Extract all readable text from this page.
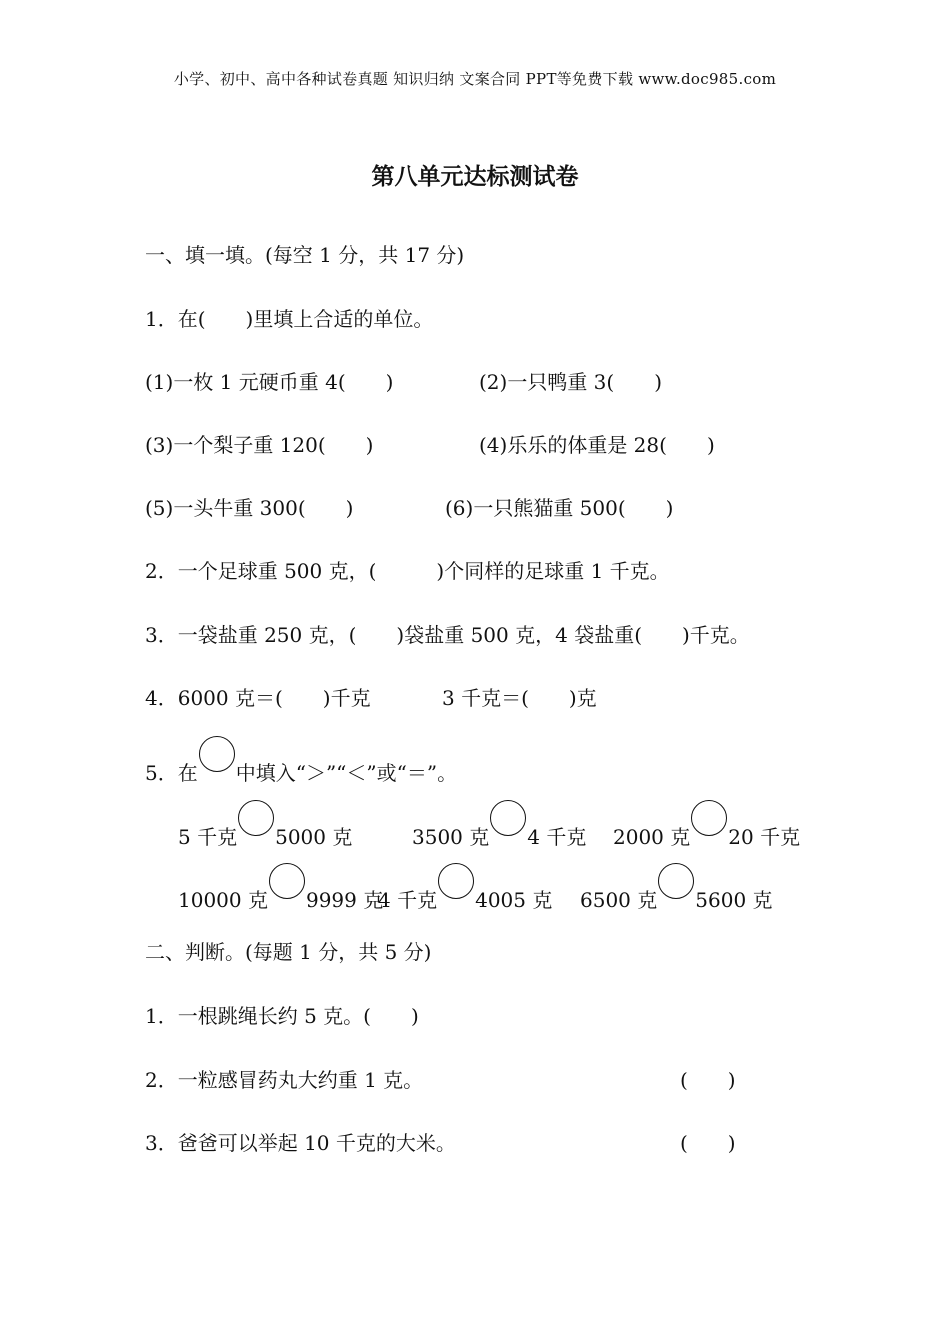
小学、初中、高中各种试卷真题 知识归纳 文案合同 PPT等免费下载 www.doc985.com
第八单元达标测试卷
一、填一填。(每空 1 分，共 17 分)
1．在(　　)里填上合适的单位。
(1)一枚 1 元硬币重 4(　　)	(2)一只鸭重 3(　　)
(3)一个梨子重 120(　　)	(4)乐乐的体重是 28(　　)
(5)一头牛重 300(　　)	(6)一只熊猫重 500(　　)
2．一个足球重 500 克，(　　　)个同样的足球重 1 千克。
3．一袋盐重 250 克，(　　)袋盐重 500 克，4 袋盐重(　　)千克。
4．6000 克＝(　　)千克	3 千克＝(　　)克
5．在 中填入“＞”“＜”或“＝”。
5 千克 5000 克	3500 克 4 千克 2000 克 20 千克
10000 克 9999 克
4 千克 4005 克 6500 克 5600 克
二、判断。(每题 1 分，共 5 分)
1．一根跳绳长约 5 克。(　　)
2．一粒感冒药丸大约重 1 克。	(　　)
3．爸爸可以举起 10 千克的大米。	(　　)
